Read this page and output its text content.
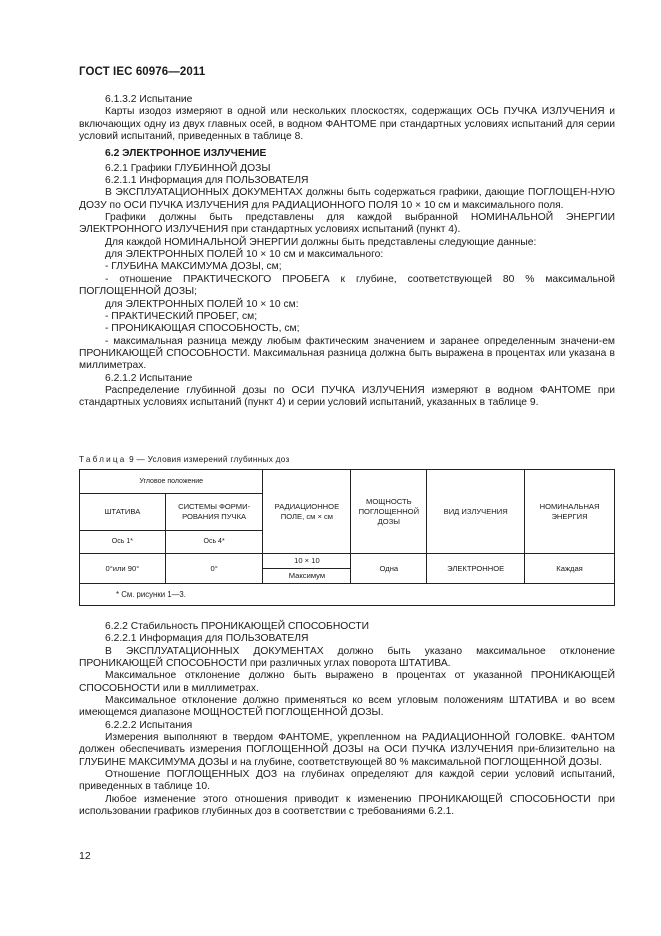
ГОСТ IEC 60976—2011

6.1.3.2 Испытание

Карты изодоз измеряют в одной или нескольких плоскостях, содержащих ОСЬ ПУЧКА ИЗЛУЧЕНИЯ и включающих одну из двух главных осей, в водном ФАНТОМЕ при стандартных условиях испытаний для серии условий испытаний, приведенных в таблице 8.

6.2 ЭЛЕКТРОННОЕ ИЗЛУЧЕНИЕ

6.2.1 Графики ГЛУБИННОЙ ДОЗЫ

6.2.1.1 Информация для ПОЛЬЗОВАТЕЛЯ

В ЭКСПЛУАТАЦИОННЫХ ДОКУМЕНТАХ должны быть содержаться графики, дающие ПОГЛОЩЕН-НУЮ ДОЗУ по ОСИ ПУЧКА ИЗЛУЧЕНИЯ для РАДИАЦИОННОГО ПОЛЯ 10 × 10 см и максимального поля.

Графики должны быть представлены для каждой выбранной НОМИНАЛЬНОЙ ЭНЕРГИИ ЭЛЕКТРОННОГО ИЗЛУЧЕНИЯ при стандартных условиях испытаний (пункт 4).

Для каждой НОМИНАЛЬНОЙ ЭНЕРГИИ должны быть представлены следующие данные:

для ЭЛЕКТРОННЫХ ПОЛЕЙ 10 × 10 см и максимального:

- ГЛУБИНА МАКСИМУМА ДОЗЫ, см;

- отношение ПРАКТИЧЕСКОГО ПРОБЕГА к глубине, соответствующей 80 % максимальной ПОГЛОЩЕННОЙ ДОЗЫ;

для ЭЛЕКТРОННЫХ ПОЛЕЙ 10 × 10 см:

- ПРАКТИЧЕСКИЙ ПРОБЕГ, см;

- ПРОНИКАЮЩАЯ СПОСОБНОСТЬ, см;

- максимальная разница между любым фактическим значением и заранее определенным значени-ем ПРОНИКАЮЩЕЙ СПОСОБНОСТИ. Максимальная разница должна быть выражена в процентах или указана в миллиметрах.

6.2.1.2 Испытание

Распределение глубинной дозы по ОСИ ПУЧКА ИЗЛУЧЕНИЯ измеряют в водном ФАНТОМЕ при стандартных условиях испытаний (пункт 4) и серии условий испытаний, указанных в таблице 9.

Таблица 9 — Условия измерений глубинных доз
Угловое положение		РАДИАЦИОННОЕ ПОЛЕ, см × см	МОЩНОСТЬ ПОГЛОЩЕННОЙ ДОЗЫ	ВИД ИЗЛУЧЕНИЯ	НОМИНАЛЬНАЯ ЭНЕРГИЯ
ШТАТИВА	СИСТЕМЫ ФОРМИ-РОВАНИЯ ПУЧКА				
Ось 1*	Ось 4*				
0°или 90°	0°	10 × 10	Одна	ЭЛЕКТРОННОЕ	Каждая
		Максимум			
* См. рисунки 1—3.					

6.2.2 Стабильность ПРОНИКАЮЩЕЙ СПОСОБНОСТИ

6.2.2.1 Информация для ПОЛЬЗОВАТЕЛЯ

В ЭКСПЛУАТАЦИОННЫХ ДОКУМЕНТАХ должно быть указано максимальное отклонение ПРОНИКАЮЩЕЙ СПОСОБНОСТИ при различных углах поворота ШТАТИВА.

Максимальное отклонение должно быть выражено в процентах от указанной ПРОНИКАЮЩЕЙ СПОСОБНОСТИ или в миллиметрах.

Максимальное отклонение должно применяться ко всем угловым положениям ШТАТИВА и во всем имеющемся диапазоне МОЩНОСТЕЙ ПОГЛОЩЕННОЙ ДОЗЫ.

6.2.2.2 Испытания

Измерения выполняют в твердом ФАНТОМЕ, укрепленном на РАДИАЦИОННОЙ ГОЛОВКЕ. ФАНТОМ должен обеспечивать измерения ПОГЛОЩЕННОЙ ДОЗЫ на ОСИ ПУЧКА ИЗЛУЧЕНИЯ при-близительно на ГЛУБИНЕ МАКСИМУМА ДОЗЫ и на глубине, соответствующей 80 % максимальной ПОГЛОЩЕННОЙ ДОЗЫ.

Отношение ПОГЛОЩЕННЫХ ДОЗ на глубинах определяют для каждой серии условий испытаний, приведенных в таблице 10.

Любое изменение этого отношения приводит к изменению ПРОНИКАЮЩЕЙ СПОСОБНОСТИ при использовании графиков глубинных доз в соответствии с требованиями 6.2.1.

12
